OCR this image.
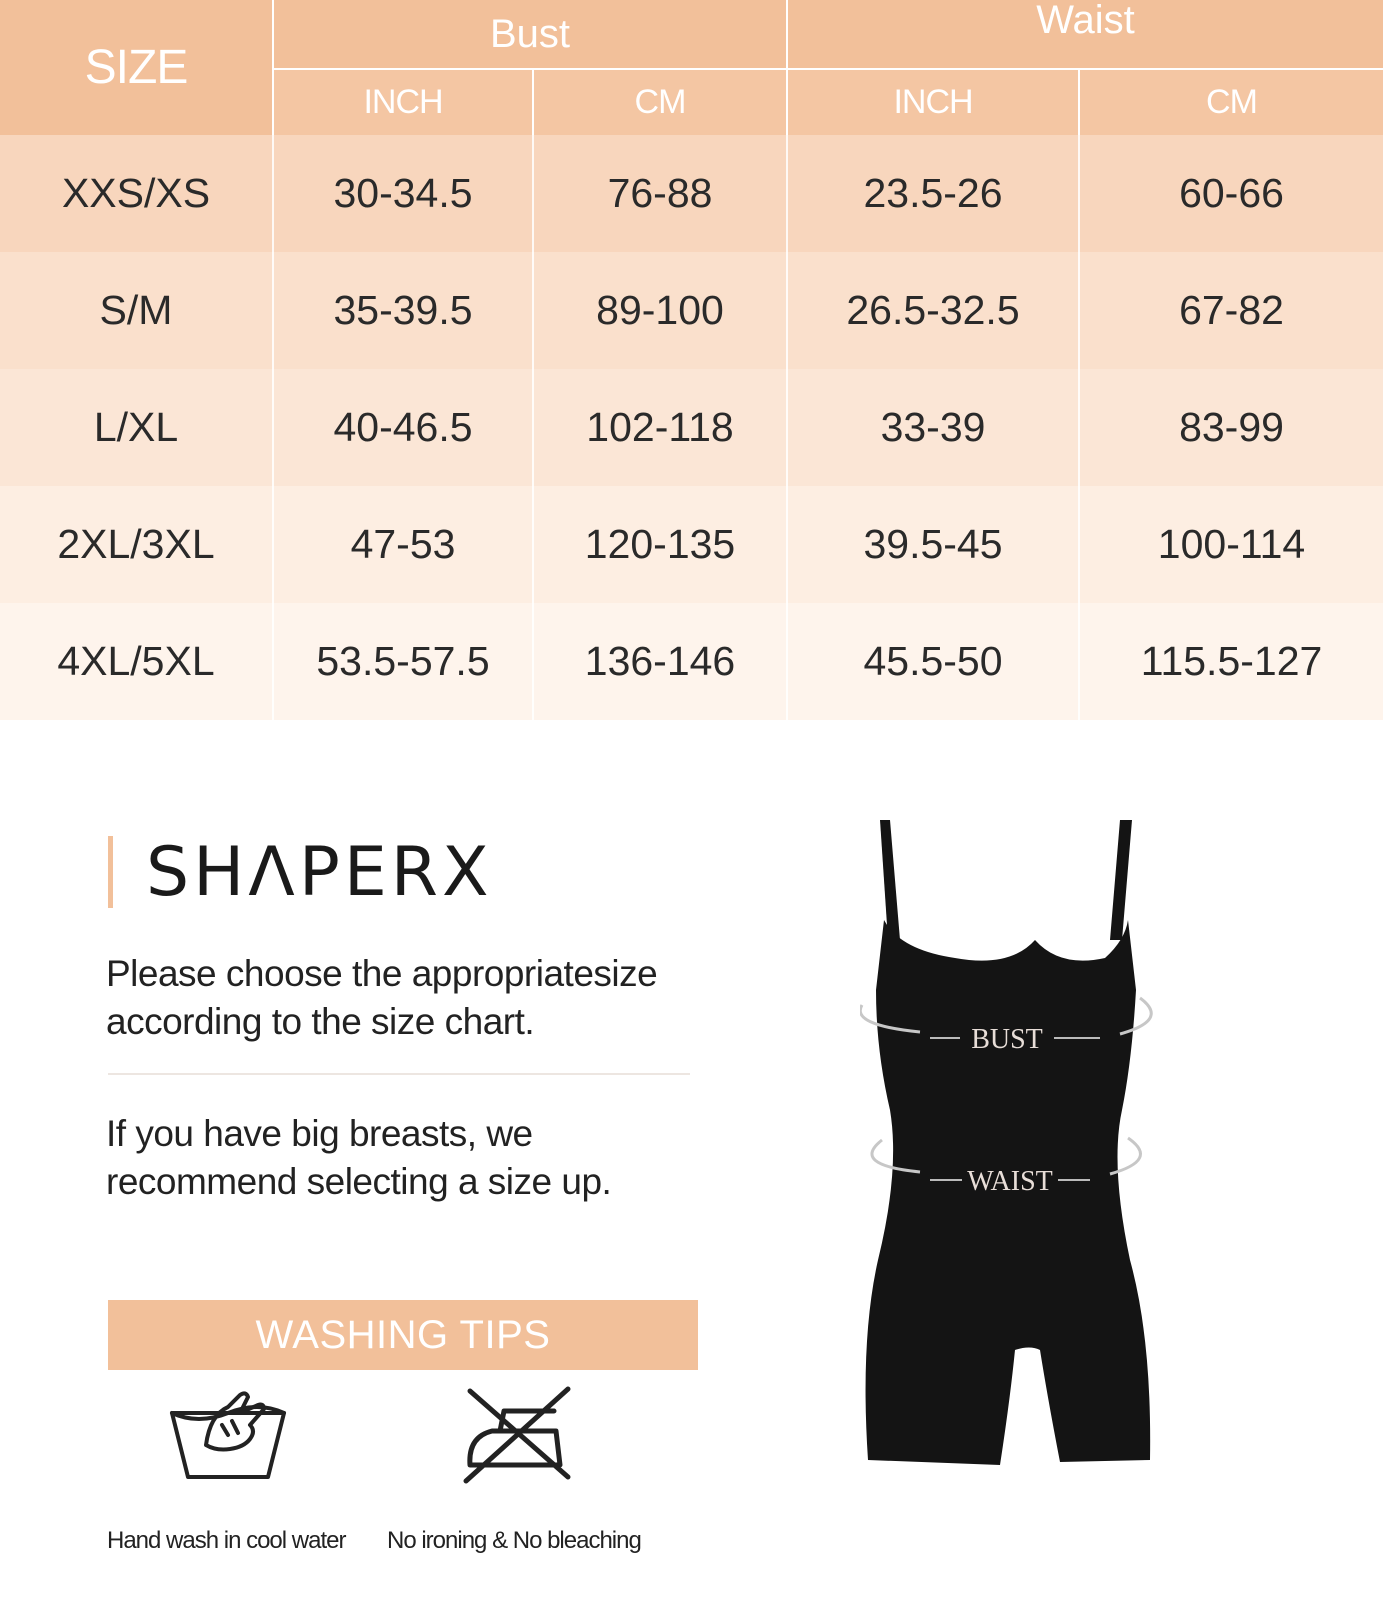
SIZE
Bust	Waist
INCH	CM	INCH	CM
XXS/XS	30-34.5	76-88	23.5-26	60-66
S/M	35-39.5	89-100	26.5-32.5	67-82
L/XL	40-46.5	102-118	33-39	83-99
2XL/3XL	47-53	120-135	39.5-45	100-114
4XL/5XL	53.5-57.5	136-146	45.5-50	115.5-127
SHΛPERX
Please choose the appropriatesize according to the size chart.
If you have big breasts, we recommend selecting a size up.
WASHING TIPS
Hand wash in cool water No ironing & No bleaching
BUST
WAIST
